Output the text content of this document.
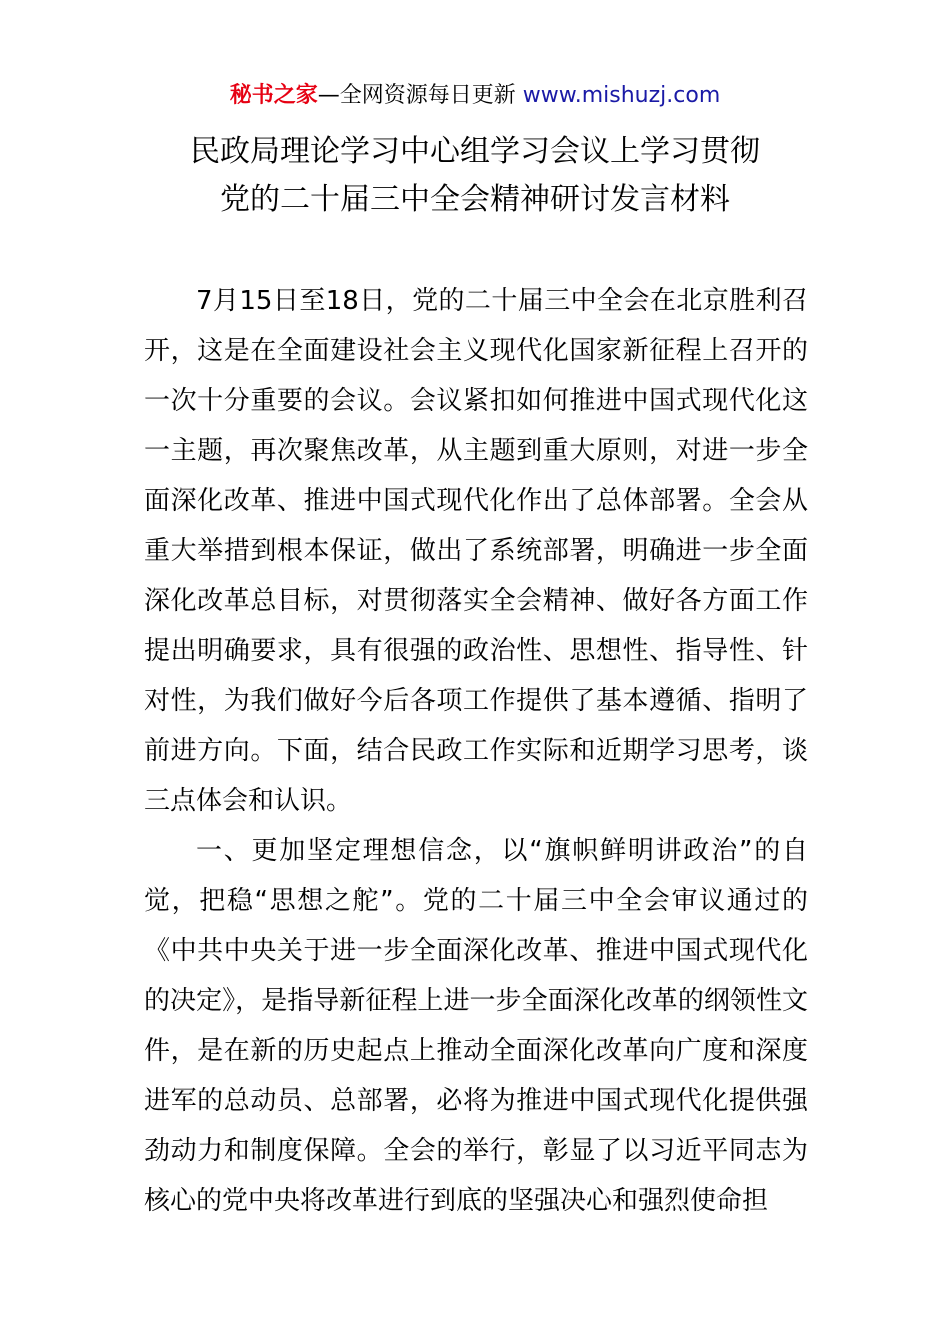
秘书之家—全网资源每日更新 www.mishuzj.com
民政局理论学习中心组学习会议上学习贯彻
党的二十届三中全会精神研讨发言材料

7月15日至18日，党的二十届三中全会在北京胜利召开，这是在全面建设社会主义现代化国家新征程上召开的一次十分重要的会议。会议紧扣如何推进中国式现代化这一主题，再次聚焦改革，从主题到重大原则，对进一步全面深化改革、推进中国式现代化作出了总体部署。全会从重大举措到根本保证，做出了系统部署，明确进一步全面深化改革总目标，对贯彻落实全会精神、做好各方面工作提出明确要求，具有很强的政治性、思想性、指导性、针对性，为我们做好今后各项工作提供了基本遵循、指明了前进方向。下面，结合民政工作实际和近期学习思考，谈三点体会和认识。

一、更加坚定理想信念，以“旗帜鲜明讲政治”的自觉，把稳“思想之舵”。党的二十届三中全会审议通过的《中共中央关于进一步全面深化改革、推进中国式现代化的决定》，是指导新征程上进一步全面深化改革的纲领性文件，是在新的历史起点上推动全面深化改革向广度和深度进军的总动员、总部署，必将为推进中国式现代化提供强劲动力和制度保障。全会的举行，彰显了以习近平同志为核心的党中央将改革进行到底的坚强决心和强烈使命担
